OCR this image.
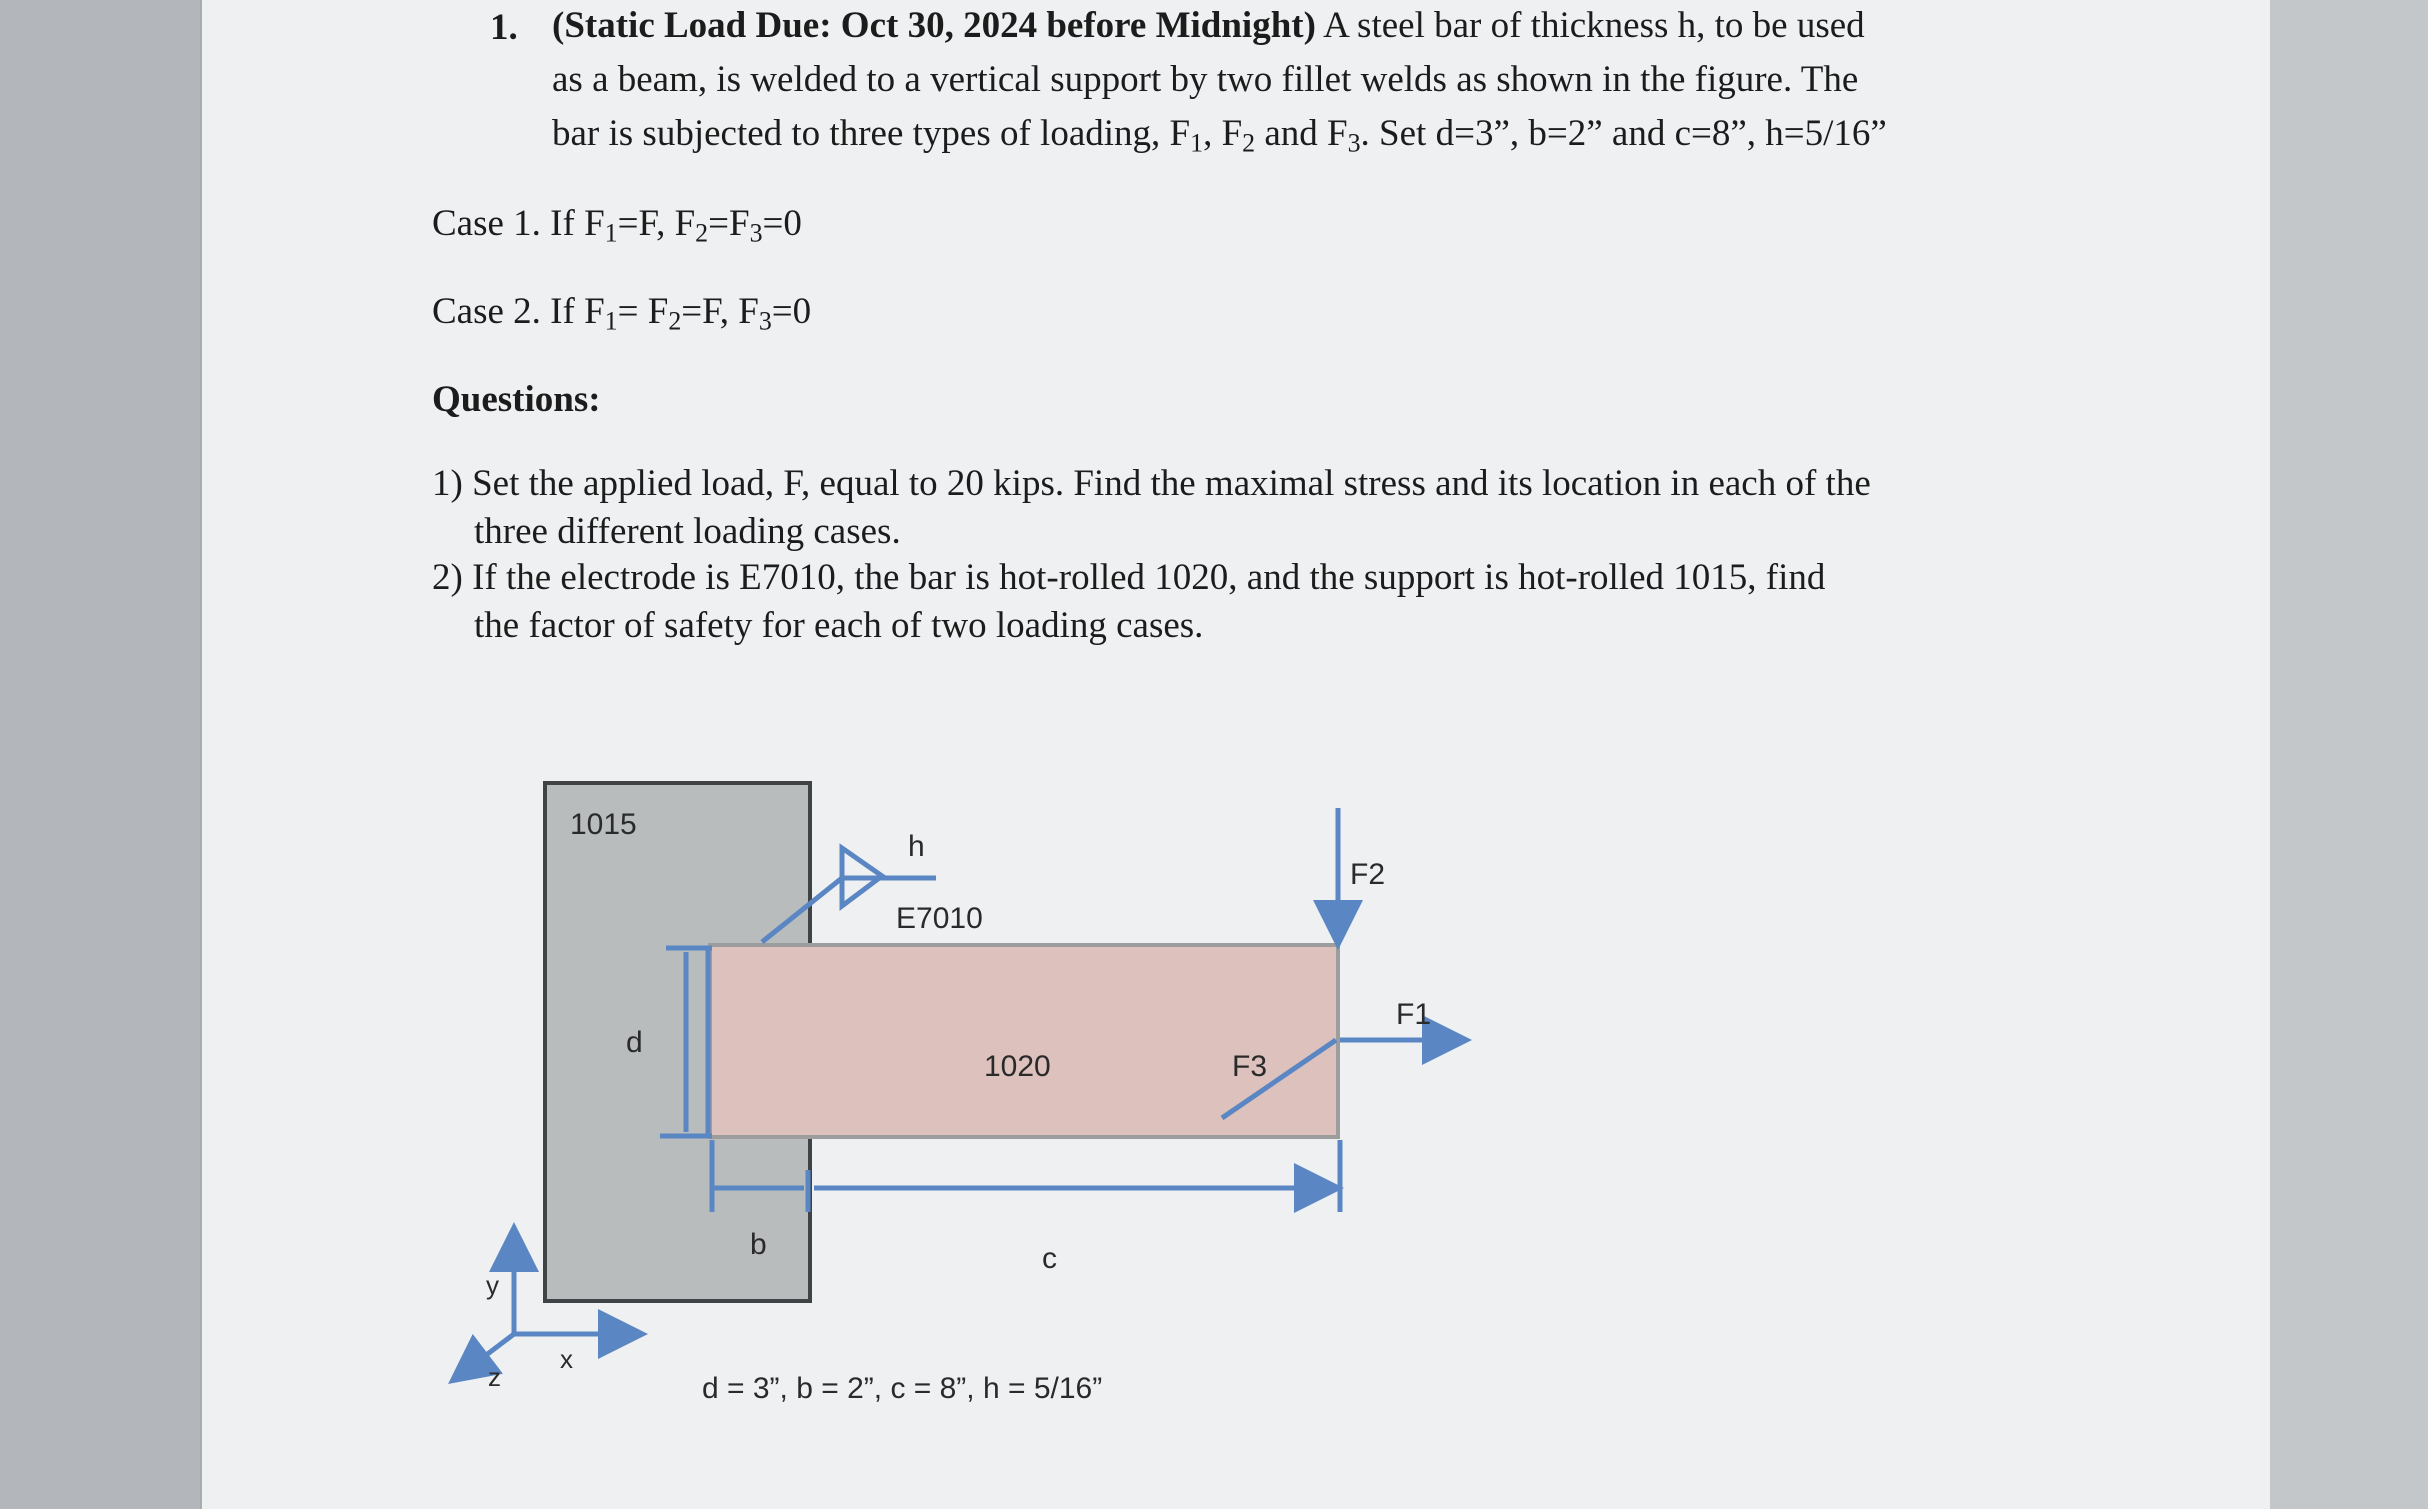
1. (Static Load Due: Oct 30, 2024 before Midnight) A steel bar of thickness h, to be used
as a beam, is welded to a vertical support by two fillet welds as shown in the figure. The
bar is subjected to three types of loading, $F_1$, $F_2$ and $F_3$. Set d=3”, b=2” and c=8”, h=5/16”
Case 1. If $F_1=F$, $F_2=F_3=0$
Case 2. If $F_1= F_2=F$, $F_3=0$
Questions:
1) Set the applied load, F, equal to 20 kips. Find the maximal stress and its location in each of the
three different loading cases.
2) If the electrode is E7010, the bar is hot-rolled 1020, and the support is hot-rolled 1015, find
the factor of safety for each of two loading cases.
1015
h
E7010
1020
d
b	c
F2
F1
F3
y
x
z	d = 3”, b = 2”, c = 8”, h = 5/16”
